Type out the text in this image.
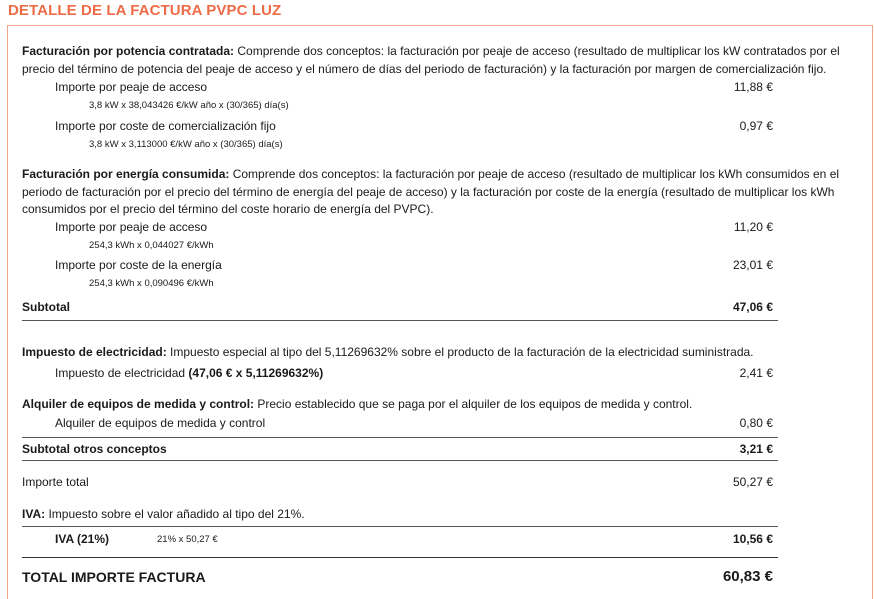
DETALLE DE LA FACTURA PVPC LUZ
Facturación por potencia contratada: Comprende dos conceptos: la facturación por peaje de acceso (resultado de multiplicar los kW contratados por el precio del término de potencia del peaje de acceso y el número de días del periodo de facturación) y la facturación por margen de comercialización fijo.
Importe por peaje de acceso	11,88 €
3,8 kW x 38,043426 €/kW año x (30/365) día(s)
Importe por coste de comercialización fijo	0,97 €
3,8 kW x 3,113000 €/kW año x (30/365) día(s)
Facturación por energía consumida: Comprende dos conceptos: la facturación por peaje de acceso (resultado de multiplicar los kWh consumidos en el periodo de facturación por el precio del término de energía del peaje de acceso) y la facturación por coste de la energía (resultado de multiplicar los kWh consumidos por el precio del término del coste horario de energía del PVPC).
Importe por peaje de acceso	11,20 €
254,3 kWh x 0,044027 €/kWh
Importe por coste de la energía	23,01 €
254,3 kWh x 0,090496 €/kWh
Subtotal	47,06 €
Impuesto de electricidad: Impuesto especial al tipo del 5,11269632% sobre el producto de la facturación de la electricidad suministrada.
Impuesto de electricidad (47,06 € x 5,11269632%)	2,41 €
Alquiler de equipos de medida y control: Precio establecido que se paga por el alquiler de los equipos de medida y control.
Alquiler de equipos de medida y control	0,80 €
Subtotal otros conceptos	3,21 €
Importe total	50,27 €
IVA: Impuesto sobre el valor añadido al tipo del 21%.
IVA (21%)	21% x 50,27 €	10,56 €
TOTAL IMPORTE FACTURA	60,83 €
